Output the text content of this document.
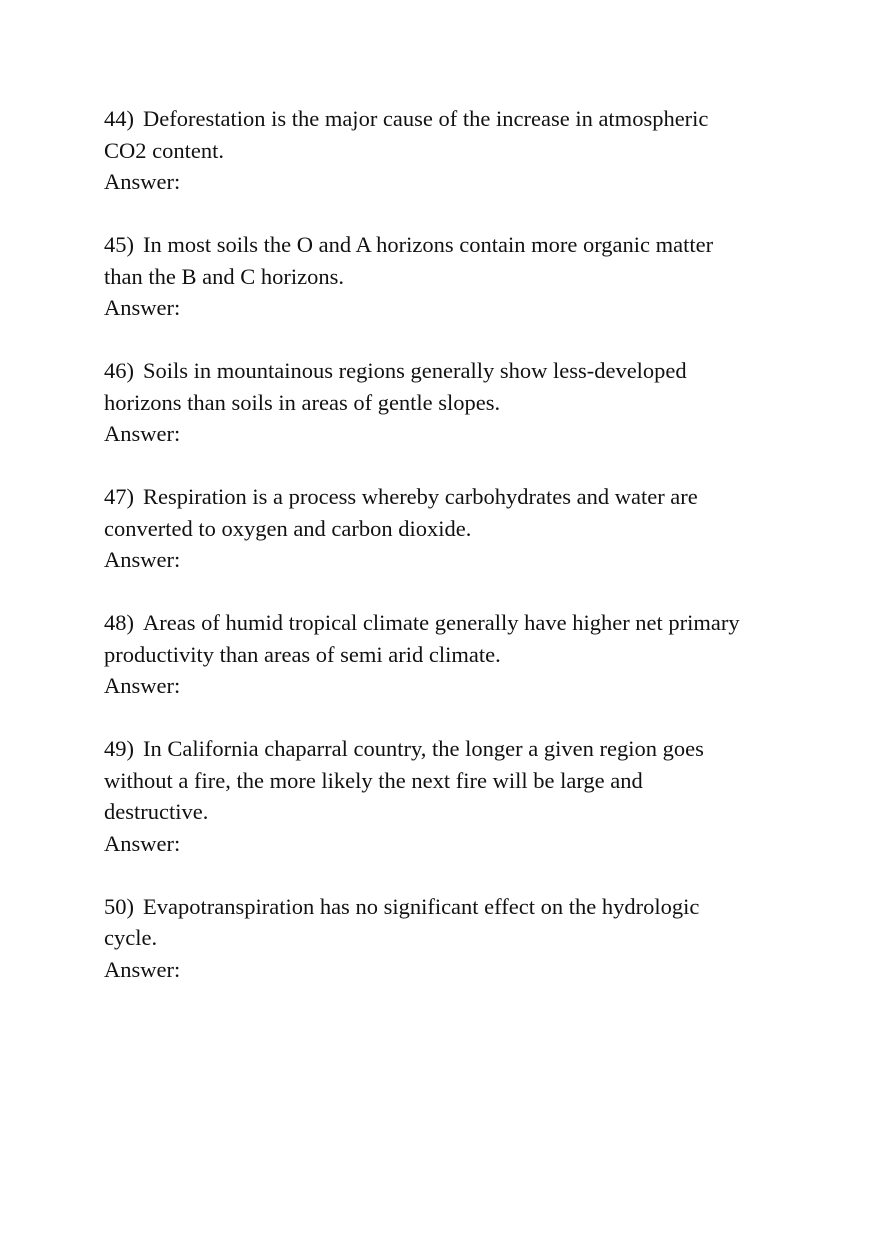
44) Deforestation is the major cause of the increase in atmospheric CO2 content.

Answer:

45) In most soils the O and A horizons contain more organic matter than the B and C horizons.

Answer:

46) Soils in mountainous regions generally show less-developed horizons than soils in areas of gentle slopes.

Answer:

47) Respiration is a process whereby carbohydrates and water are converted to oxygen and carbon dioxide.

Answer:

48) Areas of humid tropical climate generally have higher net primary productivity than areas of semi arid climate.

Answer:

49) In California chaparral country, the longer a given region goes without a fire, the more likely the next fire will be large and destructive.

Answer:

50) Evapotranspiration has no significant effect on the hydrologic cycle.

Answer:
